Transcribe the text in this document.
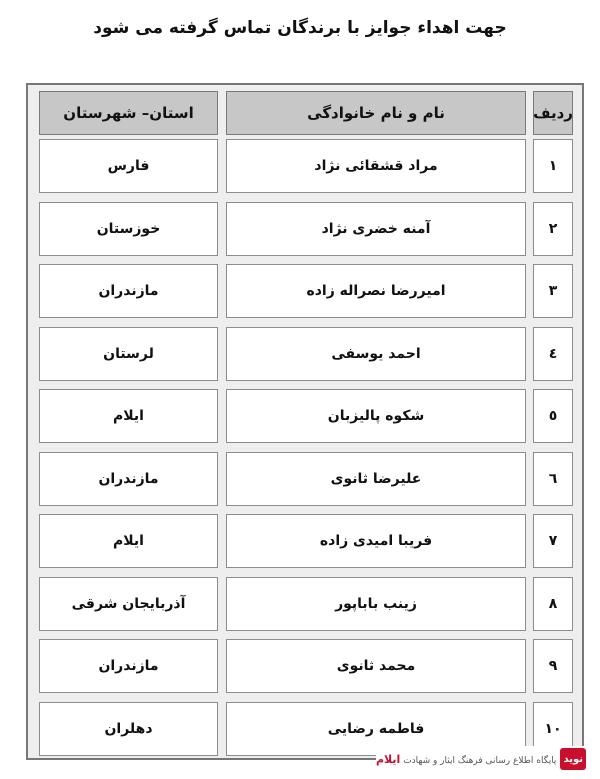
جهت اهداء جوایز با برندگان تماس گرفته می شود
ردیف
نام و نام خانوادگی
استان– شهرستان
١
مراد قشقائی نژاد
فارس
٢
آمنه خضری نژاد
خوزستان
٣
امیررضا نصراله زاده
مازندران
٤
احمد یوسفی
لرستان
٥
شکوه پالیزبان
ایلام
٦
علیرضا ثانوی
مازندران
٧
فریبا امیدی زاده
ایلام
٨
زینب باباپور
آذربایجان شرقی
٩
محمد ثانوی
مازندران
١٠
فاطمه رضایی
دهلران
نوید
پایگاه اطلاع رسانی فرهنگ ایثار و شهادت ایلام
